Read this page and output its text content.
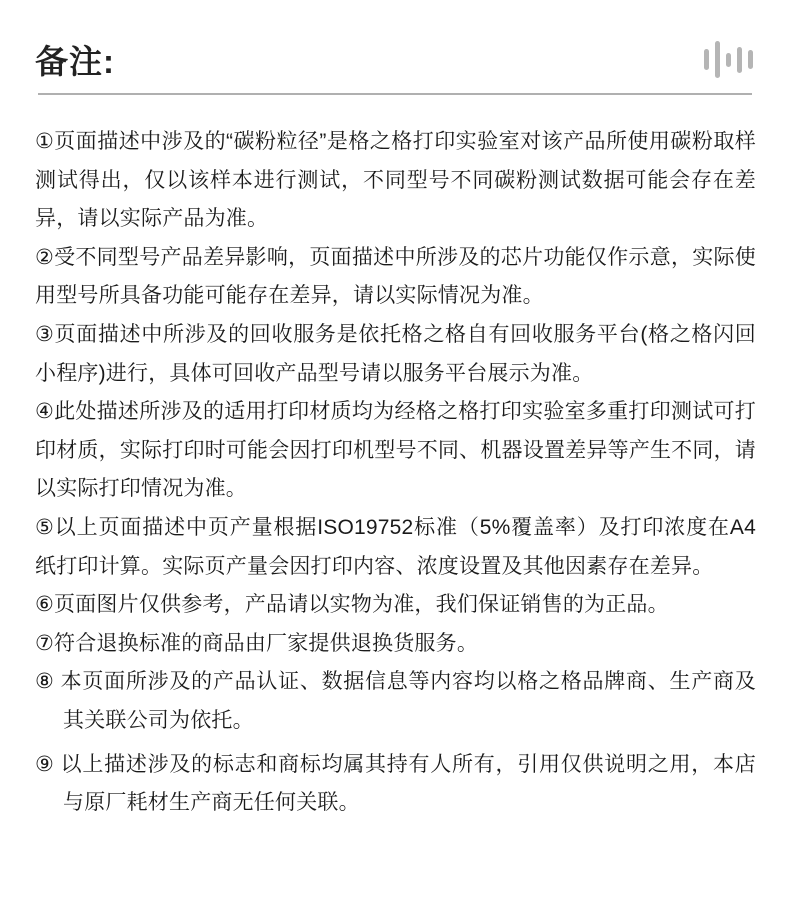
备注:

①页面描述中涉及的“碳粉粒径”是格之格打印实验室对该产品所使用碳粉取样测试得出，仅以该样本进行测试，不同型号不同碳粉测试数据可能会存在差异，请以实际产品为准。

②受不同型号产品差异影响，页面描述中所涉及的芯片功能仅作示意，实际使用型号所具备功能可能存在差异，请以实际情况为准。

③页面描述中所涉及的回收服务是依托格之格自有回收服务平台(格之格闪回小程序)进行，具体可回收产品型号请以服务平台展示为准。

④此处描述所涉及的适用打印材质均为经格之格打印实验室多重打印测试可打印材质，实际打印时可能会因打印机型号不同、机器设置差异等产生不同，请以实际打印情况为准。

⑤以上页面描述中页产量根据ISO19752标准（5%覆盖率）及打印浓度在A4纸打印计算。实际页产量会因打印内容、浓度设置及其他因素存在差异。

⑥页面图片仅供参考，产品请以实物为准，我们保证销售的为正品。

⑦符合退换标准的商品由厂家提供退换货服务。

⑧ 本页面所涉及的产品认证、数据信息等内容均以格之格品牌商、生产商及其关联公司为依托。

⑨ 以上描述涉及的标志和商标均属其持有人所有，引用仅供说明之用，本店与原厂耗材生产商无任何关联。
